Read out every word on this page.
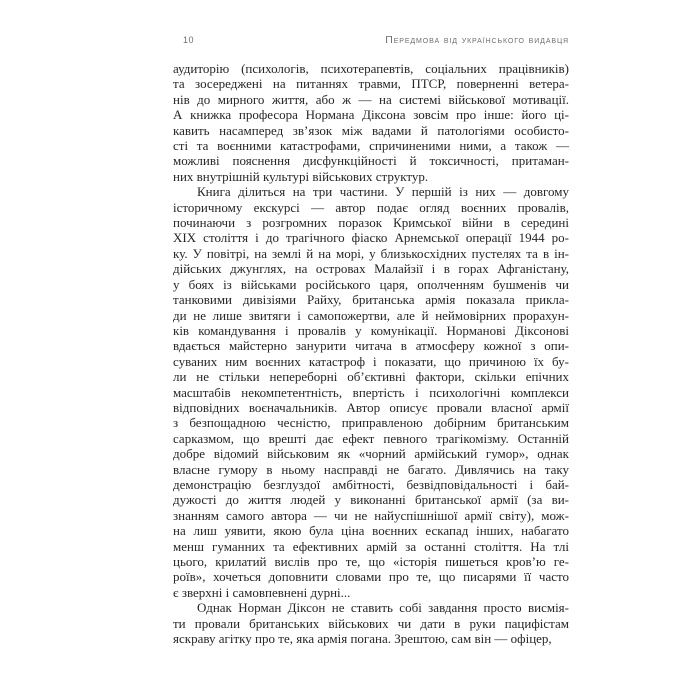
10	Передмова від українського видавця
аудиторію (психологів, психотерапевтів, соціальних працівників)
та зосереджені на питаннях травми, ПТСР, поверненні ветера-
нів до мирного життя, або ж — на системі військової мотивації.
А книжка професора Нормана Діксона зовсім про інше: його ці-
кавить насамперед зв’язок між вадами й патологіями особисто-
сті та воєнними катастрофами, спричиненими ними, а також —
можливі пояснення дисфункційності й токсичності, притаман-
них внутрішній культурі військових структур.
Книга ділиться на три частини. У першій із них — довгому
історичному екскурсі — автор подає огляд воєнних провалів,
починаючи з розгромних поразок Кримської війни в середині
XIX століття і до трагічного фіаско Арнемської операції 1944 ро-
ку. У повітрі, на землі й на морі, у близькосхідних пустелях та в ін-
дійських джунглях, на островах Малайзії і в горах Афганістану,
у боях із військами російського царя, ополченням бушменів чи
танковими дивізіями Райху, британська армія показала прикла-
ди не лише звитяги і самопожертви, але й неймовірних прорахун-
ків командування і провалів у комунікації. Норманові Діксонові
вдається майстерно занурити читача в атмосферу кожної з опи-
суваних ним воєнних катастроф і показати, що причиною їх бу-
ли не стільки непереборні об’єктивні фактори, скільки епічних
масштабів некомпетентність, впертість і психологічні комплекси
відповідних воєначальників. Автор описує провали власної армії
з безпощадною чесністю, приправленою добірним британським
сарказмом, що врешті дає ефект певного трагікомізму. Останній
добре відомий військовим як «чорний армійський гумор», однак
власне гумору в ньому насправді не багато. Дивлячись на таку
демонстрацію безглуздої амбітності, безвідповідальності і бай-
дужості до життя людей у виконанні британської армії (за ви-
знанням самого автора — чи не найуспішнішої армії світу), мож-
на лиш уявити, якою була ціна воєнних ескапад інших, набагато
менш гуманних та ефективних армій за останні століття. На тлі
цього, крилатий вислів про те, що «історія пишеться кров’ю ге-
роїв», хочеться доповнити словами про те, що писарями її часто
є зверхні і самовпевнені дурні...
Однак Норман Діксон не ставить собі завдання просто висмія-
ти провали британських військових чи дати в руки пацифістам
яскраву агітку про те, яка армія погана. Зрештою, сам він — офіцер,
